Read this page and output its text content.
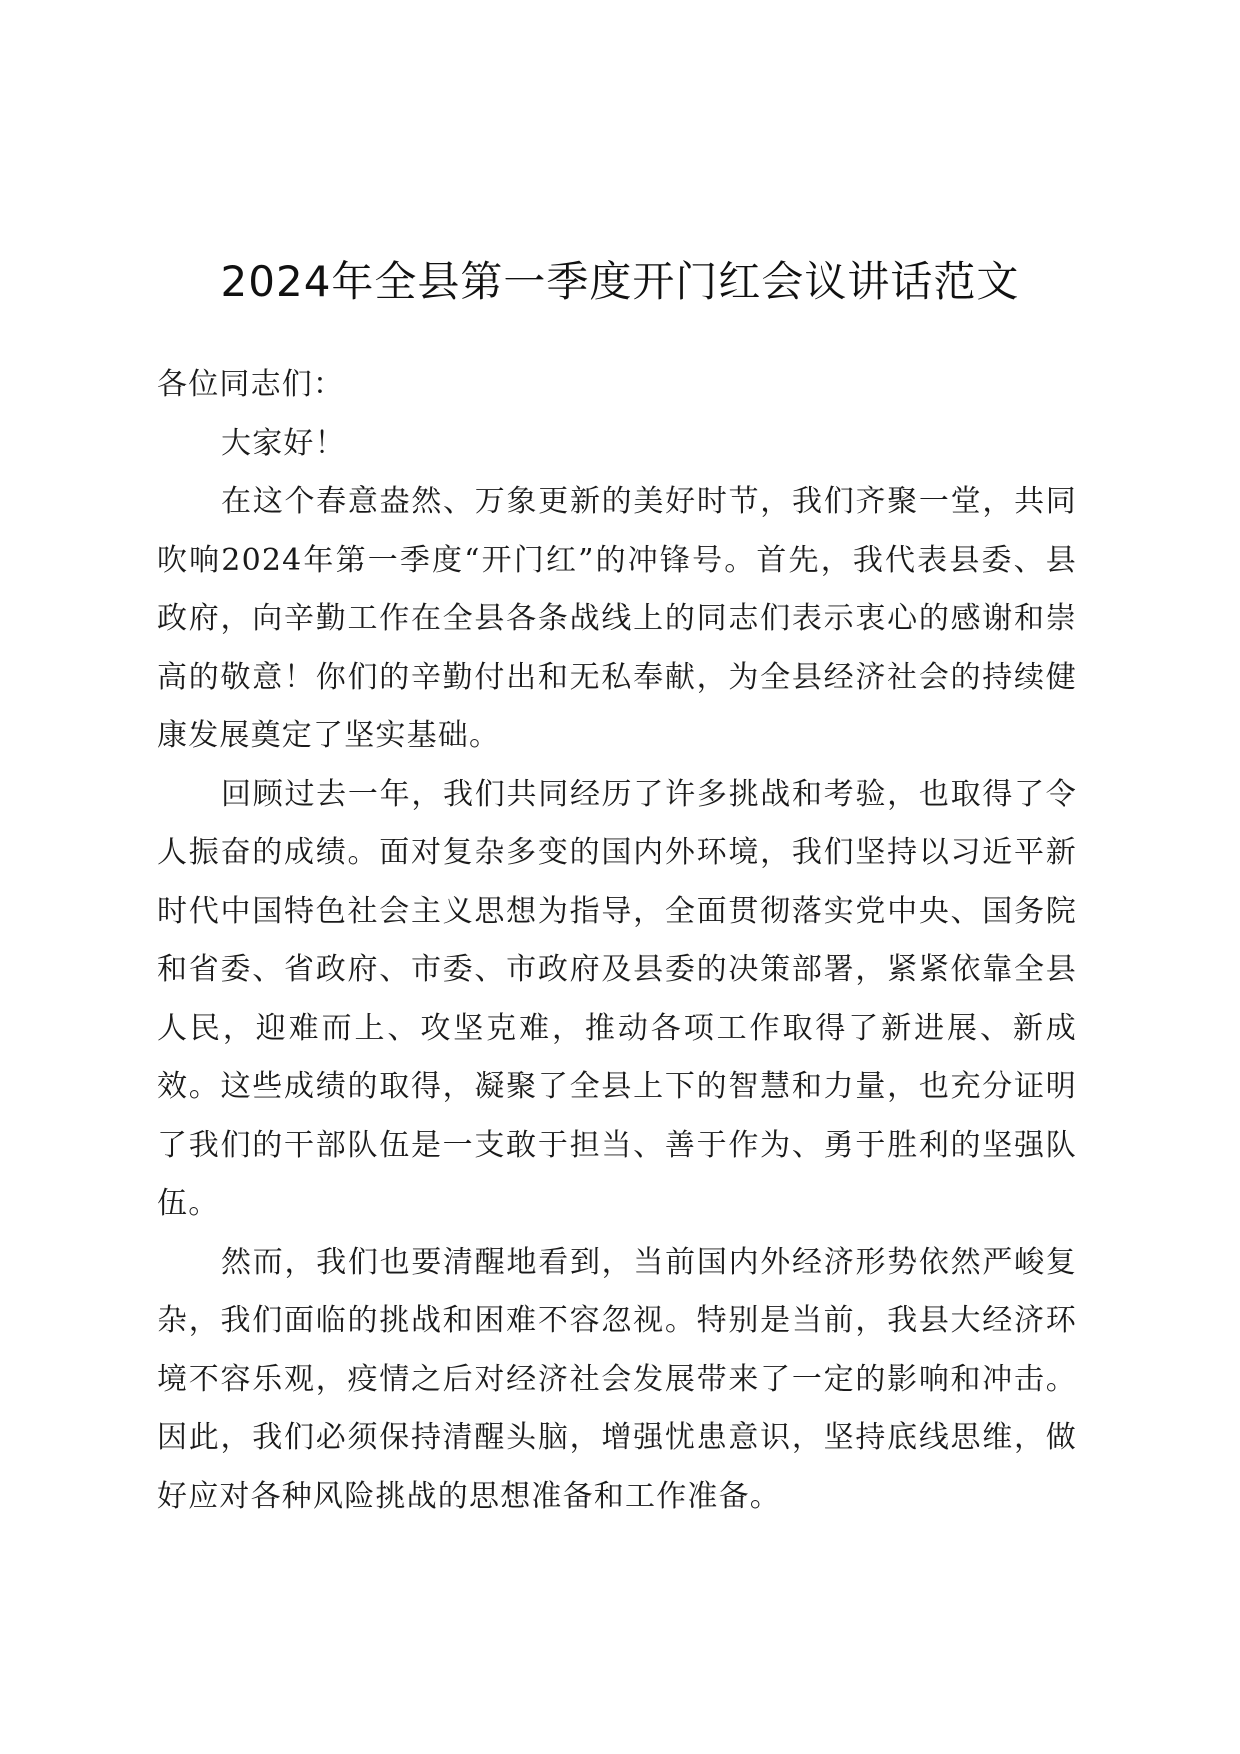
2024年全县第一季度开门红会议讲话范文

各位同志们：

大家好！

在这个春意盎然、万象更新的美好时节，我们齐聚一堂，共同吹响2024年第一季度“开门红”的冲锋号。首先，我代表县委、县政府，向辛勤工作在全县各条战线上的同志们表示衷心的感谢和崇高的敬意！你们的辛勤付出和无私奉献，为全县经济社会的持续健康发展奠定了坚实基础。

回顾过去一年，我们共同经历了许多挑战和考验，也取得了令人振奋的成绩。面对复杂多变的国内外环境，我们坚持以习近平新时代中国特色社会主义思想为指导，全面贯彻落实党中央、国务院和省委、省政府、市委、市政府及县委的决策部署，紧紧依靠全县人民，迎难而上、攻坚克难，推动各项工作取得了新进展、新成效。这些成绩的取得，凝聚了全县上下的智慧和力量，也充分证明了我们的干部队伍是一支敢于担当、善于作为、勇于胜利的坚强队伍。

然而，我们也要清醒地看到，当前国内外经济形势依然严峻复杂，我们面临的挑战和困难不容忽视。特别是当前，我县大经济环境不容乐观，疫情之后对经济社会发展带来了一定的影响和冲击。因此，我们必须保持清醒头脑，增强忧患意识，坚持底线思维，做好应对各种风险挑战的思想准备和工作准备。
